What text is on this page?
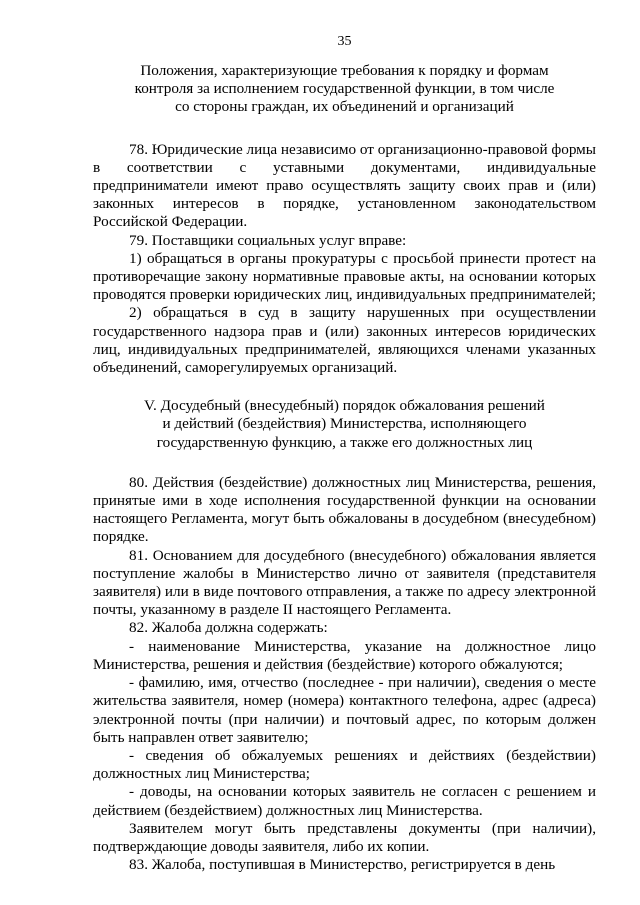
35
Положения, характеризующие требования к порядку и формам
контроля за исполнением государственной функции, в том числе
со стороны граждан, их объединений и организаций

78. Юридические лица независимо от организационно-правовой формы в соответствии с уставными документами, индивидуальные предприниматели имеют право осуществлять защиту своих прав и (или) законных интересов в порядке, установленном законодательством Российской Федерации.

79. Поставщики социальных услуг вправе:

1) обращаться в органы прокуратуры с просьбой принести протест на противоречащие закону нормативные правовые акты, на основании которых проводятся проверки юридических лиц, индивидуальных предпринимателей;

2) обращаться в суд в защиту нарушенных при осуществлении государственного надзора прав и (или) законных интересов юридических лиц, индивидуальных предпринимателей, являющихся членами указанных объединений, саморегулируемых организаций.

V. Досудебный (внесудебный) порядок обжалования решений
и действий (бездействия) Министерства, исполняющего
государственную функцию, а также его должностных лиц

80. Действия (бездействие) должностных лиц Министерства, решения, принятые ими в ходе исполнения государственной функции на основании настоящего Регламента, могут быть обжалованы в досудебном (внесудебном) порядке.

81. Основанием для досудебного (внесудебного) обжалования является поступление жалобы в Министерство лично от заявителя (представителя заявителя) или в виде почтового отправления, а также по адресу электронной почты, указанному в разделе II настоящего Регламента.

82. Жалоба должна содержать:

- наименование Министерства, указание на должностное лицо Министерства, решения и действия (бездействие) которого обжалуются;

- фамилию, имя, отчество (последнее - при наличии), сведения о месте жительства заявителя, номер (номера) контактного телефона, адрес (адреса) электронной почты (при наличии) и почтовый адрес, по которым должен быть направлен ответ заявителю;

- сведения об обжалуемых решениях и действиях (бездействии) должностных лиц Министерства;

- доводы, на основании которых заявитель не согласен с решением и действием (бездействием) должностных лиц Министерства.

Заявителем могут быть представлены документы (при наличии), подтверждающие доводы заявителя, либо их копии.

83. Жалоба, поступившая в Министерство, регистрируется в день
